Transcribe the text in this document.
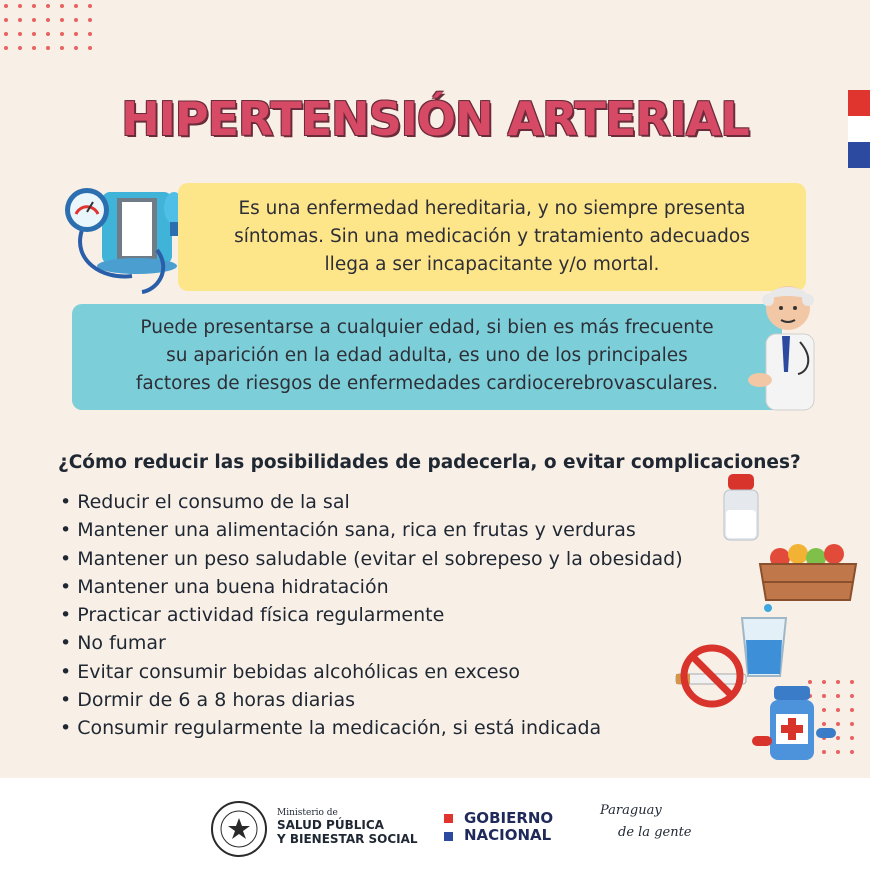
HIPERTENSIÓN ARTERIAL

Es una enfermedad hereditaria, y no siempre presenta

síntomas. Sin una medicación y tratamiento adecuados

llega a ser incapacitante y/o mortal.

Puede presentarse a cualquier edad, si bien es más frecuente

su aparición en la edad adulta, es uno de los principales

factores de riesgos de enfermedades cardiocerebrovasculares.

¿Cómo reducir las posibilidades de padecerla, o evitar complicaciones?
• Reducir el consumo de la sal
• Mantener una alimentación sana, rica en frutas y verduras
• Mantener un peso saludable (evitar el sobrepeso y la obesidad)
• Mantener una buena hidratación
• Practicar actividad física regularmente
• No fumar
• Evitar consumir bebidas alcohólicas en exceso
• Dormir de 6 a 8 horas diarias
• Consumir regularmente la medicación, si está indicada
Ministerio de
SALUD PÚBLICA
Y BIENESTAR SOCIAL
GOBIERNO
NACIONAL
Paraguay
de la gente
